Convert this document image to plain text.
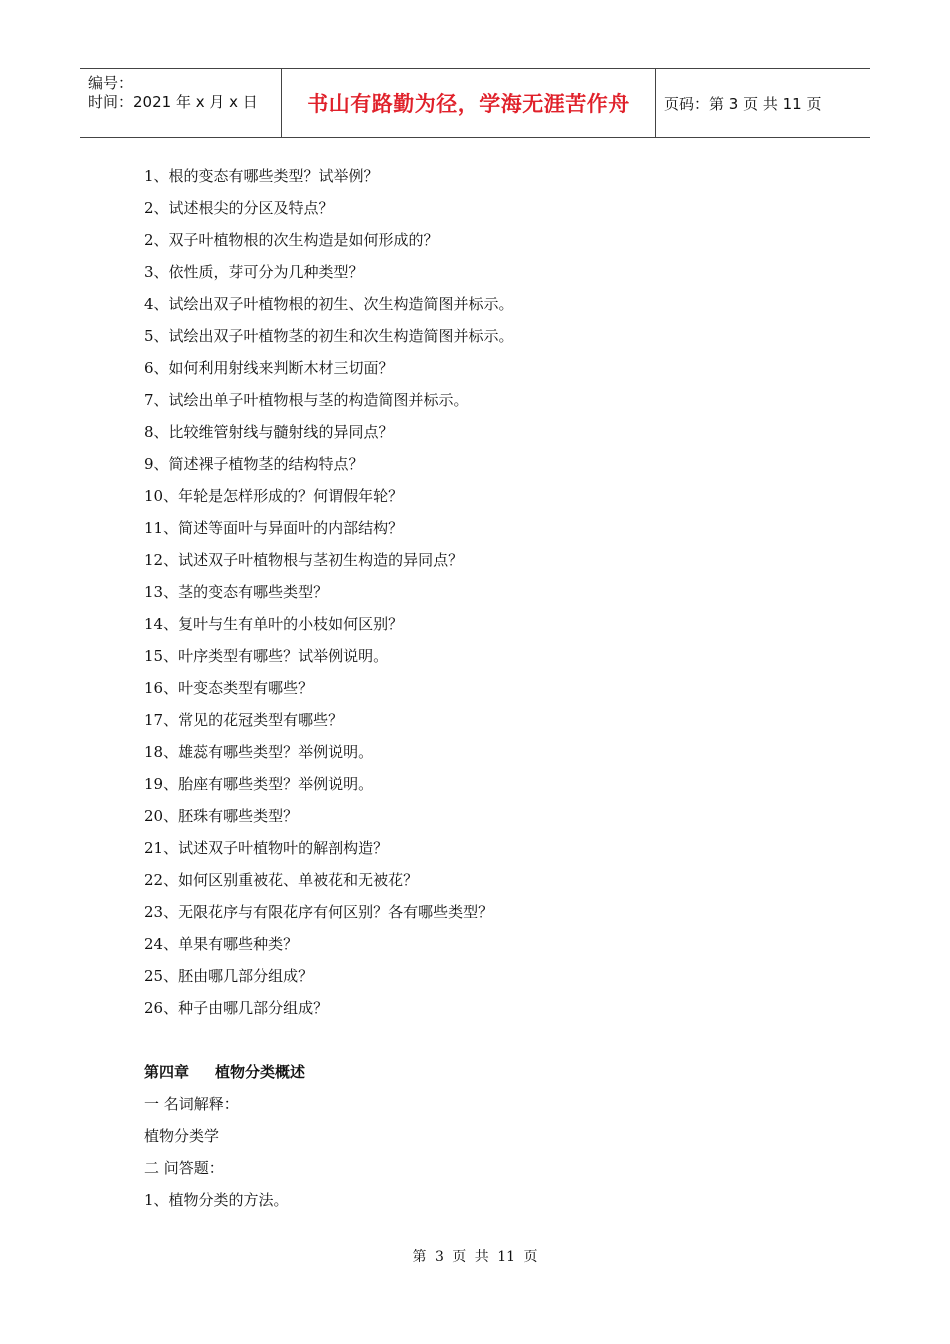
编号：
时间：2021 年 x 月 x 日 书山有路勤为径，学海无涯苦作舟 页码：第 3 页 共 11 页
1、根的变态有哪些类型？试举例？
2、试述根尖的分区及特点？
2、双子叶植物根的次生构造是如何形成的？
3、依性质，芽可分为几种类型？
4、试绘出双子叶植物根的初生、次生构造简图并标示。
5、试绘出双子叶植物茎的初生和次生构造简图并标示。
6、如何利用射线来判断木材三切面？
7、试绘出单子叶植物根与茎的构造简图并标示。
8、比较维管射线与髓射线的异同点？
9、简述裸子植物茎的结构特点？
10、年轮是怎样形成的？何谓假年轮？
11、简述等面叶与异面叶的内部结构？
12、试述双子叶植物根与茎初生构造的异同点？
13、茎的变态有哪些类型？
14、复叶与生有单叶的小枝如何区别？
15、叶序类型有哪些？试举例说明。
16、叶变态类型有哪些？
17、常见的花冠类型有哪些？
18、雄蕊有哪些类型？举例说明。
19、胎座有哪些类型？举例说明。
20、胚珠有哪些类型？
21、试述双子叶植物叶的解剖构造？
22、如何区别重被花、单被花和无被花？
23、无限花序与有限花序有何区别？各有哪些类型？
24、单果有哪些种类？
25、胚由哪几部分组成？
26、种子由哪几部分组成？
第四章 植物分类概述
一 名词解释：
植物分类学
二 问答题：
1、植物分类的方法。
第 3 页 共 11 页
